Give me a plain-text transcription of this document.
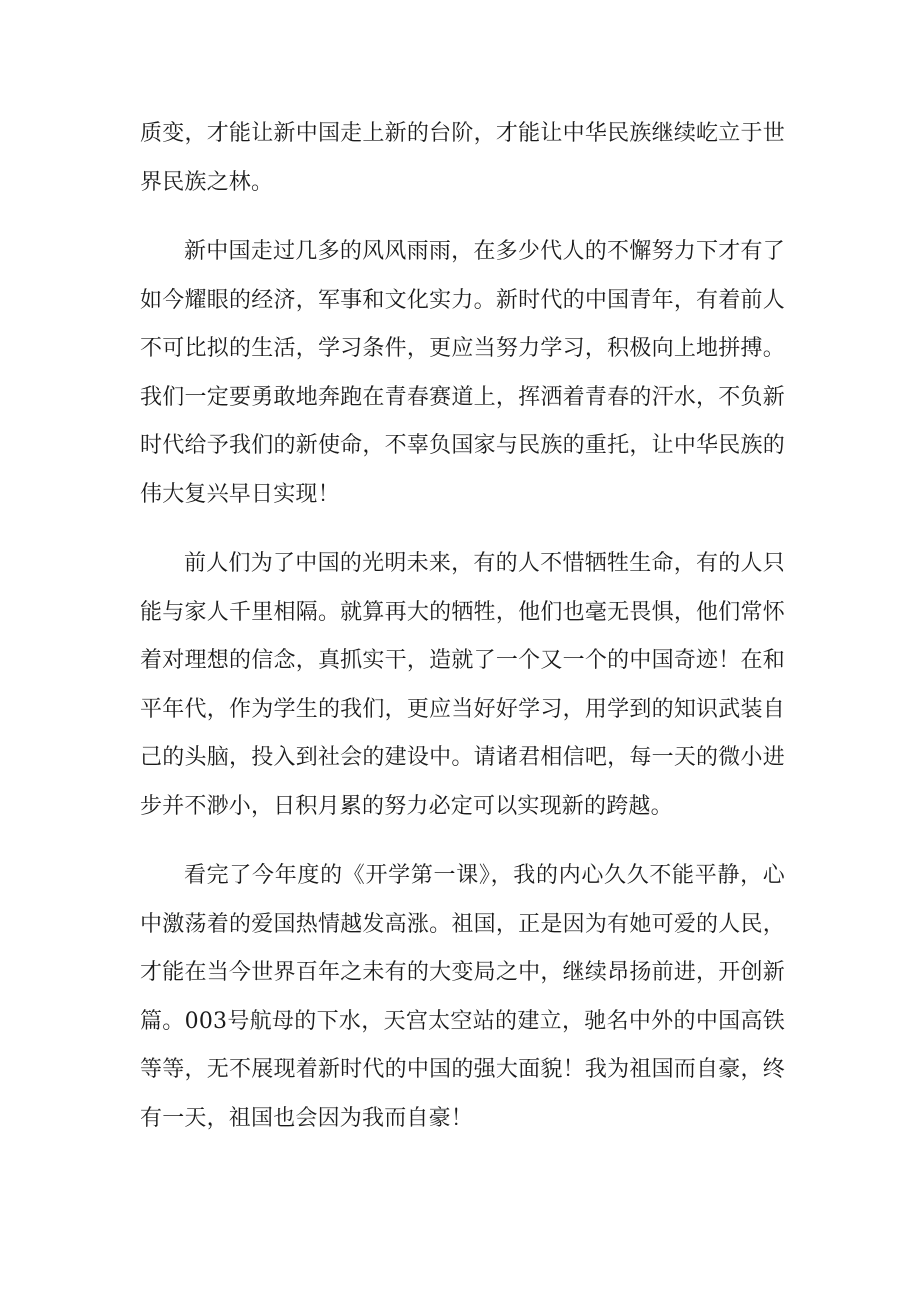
质变，才能让新中国走上新的台阶，才能让中华民族继续屹立于世界民族之林。

新中国走过几多的风风雨雨，在多少代人的不懈努力下才有了如今耀眼的经济，军事和文化实力。新时代的中国青年，有着前人不可比拟的生活，学习条件，更应当努力学习，积极向上地拼搏。我们一定要勇敢地奔跑在青春赛道上，挥洒着青春的汗水，不负新时代给予我们的新使命，不辜负国家与民族的重托，让中华民族的伟大复兴早日实现！

前人们为了中国的光明未来，有的人不惜牺牲生命，有的人只能与家人千里相隔。就算再大的牺牲，他们也毫无畏惧，他们常怀着对理想的信念，真抓实干，造就了一个又一个的中国奇迹！在和平年代，作为学生的我们，更应当好好学习，用学到的知识武装自己的头脑，投入到社会的建设中。请诸君相信吧，每一天的微小进步并不渺小，日积月累的努力必定可以实现新的跨越。

看完了今年度的《开学第一课》，我的内心久久不能平静，心中激荡着的爱国热情越发高涨。祖国，正是因为有她可爱的人民，才能在当今世界百年之未有的大变局之中，继续昂扬前进，开创新篇。003号航母的下水，天宫太空站的建立，驰名中外的中国高铁等等，无不展现着新时代的中国的强大面貌！我为祖国而自豪，终有一天，祖国也会因为我而自豪！
